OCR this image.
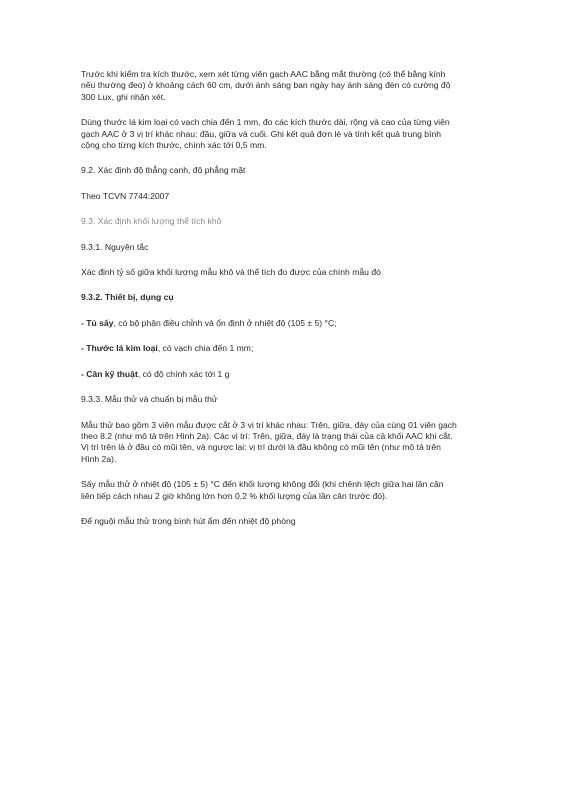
Trước khi kiểm tra kích thước, xem xét từng viên gạch AAC bằng mắt thường (có thể bằng kính
nếu thường đeo) ở khoảng cách 60 cm, dưới ánh sáng ban ngày hay ánh sáng đèn có cường độ
300 Lux, ghi nhận xét.
Dùng thước lá kim loại có vạch chia đến 1 mm, đo các kích thước dài, rộng và cao của từng viên
gạch AAC ở 3 vị trí khác nhau: đầu, giữa và cuối. Ghi kết quả đơn lẻ và tính kết quả trung bình
cộng cho từng kích thước, chính xác tới 0,5 mm.
9.2. Xác định độ thẳng cạnh, độ phẳng mặt
Theo TCVN 7744:2007
9.3. Xác định khối lượng thể tích khô
9.3.1. Nguyên tắc
Xác định tỷ số giữa khối lượng mẫu khô và thể tích đo được của chính mẫu đó
9.3.2. Thiết bị, dụng cụ
- Tủ sấy, có bộ phận điều chỉnh và ổn định ở nhiệt độ (105 ± 5) °C;
- Thước lá kim loại, có vạch chia đến 1 mm;
- Cân kỹ thuật, có độ chính xác tới 1 g
9.3.3. Mẫu thử và chuẩn bị mẫu thử
Mẫu thử bao gồm 3 viên mẫu được cắt ở 3 vị trí khác nhau: Trên, giữa, đáy của cùng 01 viên gạch
theo 8.2 (như mô tả trên Hình 2a). Các vị trí: Trên, giữa, đáy là trạng thái của cả khối AAC khi cắt.
Vị trí trên là ở đầu có mũi tên, và ngược lại: vị trí dưới là đầu không có mũi tên (như mô tả trên
Hình 2a).
Sấy mẫu thử ở nhiệt độ (105 ± 5) °C đến khối lượng không đổi (khi chênh lệch giữa hai lần cân
liên tiếp cách nhau 2 giờ không lớn hơn 0,2 % khối lượng của lần cân trước đó).
Để nguội mẫu thử trong bình hút ẩm đến nhiệt độ phòng
